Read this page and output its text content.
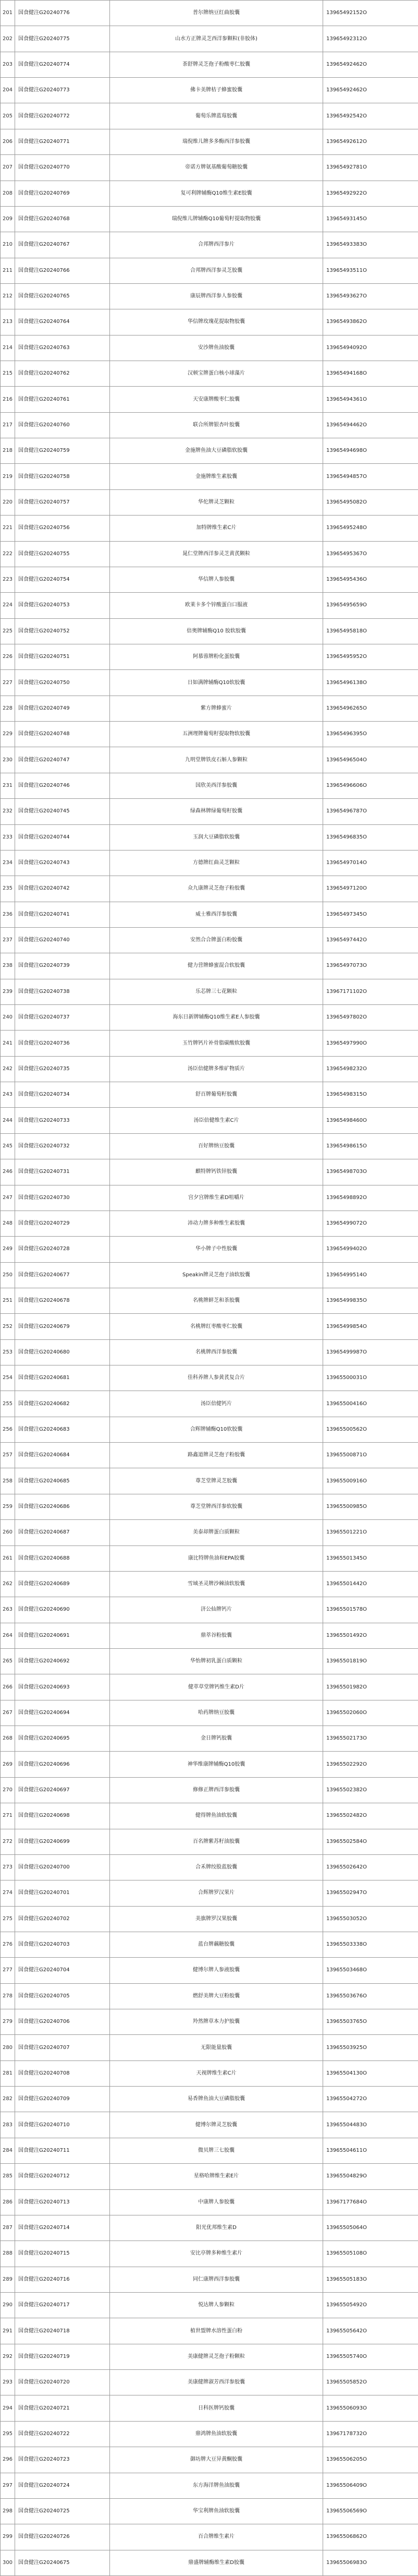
201	国食健注G20240776	普尔牌纳豆红曲胶囊	13965492152O
202	国食健注G20240775	山水方正牌灵芝西洋参颗粒(非胶体)	13965492312O
203	国食健注G20240774	茶舒牌灵芝孢子粉酸枣仁胶囊	13965492462O
204	国食健注G20240773	佛卡美牌桔子蜂蜜胶囊	13965492462O
205	国食健注G20240772	葡萄乐牌蓝莓胶囊	13965492542O
206	国食健注G20240771	瑞倪维儿牌多多酶西洋参胶囊	13965492612O
207	国食健注G20240770	帝诺方牌氨基酸葡萄糖胶囊	13965492781O
208	国食健注G20240769	复可利牌辅酶Q10维生素E胶囊	13965492922O
209	国食健注G20240768	瑞倪维儿牌辅酶Q10葡萄籽提取物胶囊	13965493145O
210	国食健注G20240767	合邦牌西洋参片	13965493383O
211	国食健注G20240766	合邦牌西洋参灵芝胶囊	13965493511O
212	国食健注G20240765	康辰牌西洋参人参胶囊	13965493627O
213	国食健注G20240764	华信牌玫瑰花提取物胶囊	13965493862O
214	国食健注G20240763	安沙牌鱼油胶囊	13965494092O
215	国食健注G20240762	汉顿宝牌蛋白核小球藻片	13965494168O
216	国食健注G20240761	天安康牌酸枣仁胶囊	13965494361O
217	国食健注G20240760	联合所牌银杏叶胶囊	13965494462O
218	国食健注G20240759	金施牌鱼油大豆磷脂软胶囊	13965494698O
219	国食健注G20240758	金施牌维生素胶囊	13965494857O
220	国食健注G20240757	华佗牌灵芝颗粒	13965495082O
221	国食健注G20240756	加特牌维生素C片	13965495248O
222	国食健注G20240755	晁仁堂牌西洋参灵芝黄芪颗粒	13965495367O
223	国食健注G20240754	华信牌人参胶囊	13965495436O
224	国食健注G20240753	欧莱卡多个锌酸蛋白口服液	13965495659O
225	国食健注G20240752	倍奥牌辅酶Q10 胶软胶囊	13965495818O
226	国食健注G20240751	阿慕蓉牌粉化蛋胶囊	13965495952O
227	国食健注G20240750	日如满牌辅酶Q10软胶囊	13965496138O
228	国食健注G20240749	紫方牌蜂蜜片	13965496265O
229	国食健注G20240748	五洲理牌葡萄籽提取物软胶囊	13965496395O
230	国食健注G20240747	九明堂牌铁皮石斛人参颗粒	13965496504O
231	国食健注G20240746	国欣美西洋参胶囊	13965496606O
232	国食健注G20240745	绿森林牌绿葡萄籽胶囊	13965496787O
233	国食健注G20240744	玉润大豆磷脂软胶囊	13965496835O
234	国食健注G20240743	方德牌红曲灵芝颗粒	13965497014O
235	国食健注G20240742	众九康牌灵芝孢子粉胶囊	13965497120O
236	国食健注G20240741	威士雅西洋参胶囊	13965497345O
237	国食健注G20240740	安然合合牌蛋白粉胶囊	13965497442O
238	国食健注G20240739	健力营牌蜂蜜混合软胶囊	13965497073O
239	国食健注G20240738	乐芯牌三七花颗粒	13967171102O
240	国食健注G20240737	海东日新牌辅酶Q10维生素E人参胶囊	13965497802O
241	国食健注G20240736	玉竹牌钙片补骨脂碳酸软胶囊	13965497990O
242	国食健注G20240735	汤臣倍健牌多维矿物质片	13965498232O
243	国食健注G20240734	舒百牌葡萄籽胶囊	13965498315O
244	国食健注G20240733	汤臣倍健维生素C片	13965498460O
245	国食健注G20240732	百好牌纳豆胶囊	13965498615O
246	国食健注G20240731	麒特牌钙铁锌胶囊	13965498703O
247	国食健注G20240730	宫夕宫牌维生素D咀嚼片	13965498892O
248	国食健注G20240729	沛动力牌多种维生素胶囊	13965499072O
249	国食健注G20240728	华小牌子中性胶囊	13965499402O
250	国食健注G20240677	Speakin牌灵芝孢子油软胶囊	13965499514O
251	国食健注G20240678	名桃牌鲜芝和茶胶囊	13965499835O
252	国食健注G20240679	名桃牌红枣酸枣仁胶囊	13965499854O
253	国食健注G20240680	名桃牌西洋参胶囊	13965499987O
254	国食健注G20240681	佳科养牌人参黄芪复合片	13965500031O
255	国食健注G20240682	汤臣倍健钙片	13965500416O
256	国食健注G20240683	合辉牌辅酶Q10软胶囊	13965500562O
257	国食健注G20240684	路鑫道牌灵芝孢子粉胶囊	13965500871O
258	国食健注G20240685	尊芝堂牌灵芝胶囊	13965500916O
259	国食健注G20240686	尊芝堂牌西洋参软胶囊	13965500985O
260	国食健注G20240687	美泰却牌蛋白质颗粒	13965501221O
261	国食健注G20240688	康比特牌鱼油和EPA胶囊	13965501345O
262	国食健注G20240689	雪域圣灵牌沙棘油软胶囊	13965501442O
263	国食健注G20240690	济公仙牌钙片	13965501578O
264	国食健注G20240691	鼎萃谷粉胶囊	13965501492O
265	国食健注G20240692	华怡牌初乳蛋白质颗粒	13965501819O
266	国食健注G20240693	健萃草堂牌钙维生素D片	13965501982O
267	国食健注G20240694	哈药牌纳豆胶囊	13965502060O
268	国食健注G20240695	金日牌钙胶囊	13965502173O
269	国食健注G20240696	神华维康牌辅酶Q10胶囊	13965502292O
270	国食健注G20240697	修修正牌西洋参胶囊	13965502382O
271	国食健注G20240698	健得牌鱼油软胶囊	13965502482O
272	国食健注G20240699	百名牌紫苏籽油胶囊	13965502584O
273	国食健注G20240700	合禾牌绞股蓝胶囊	13965502642O
274	国食健注G20240701	合辉牌罗汉果片	13965502947O
275	国食健注G20240702	美旗牌罗汉果胶囊	13965503052O
276	国食健注G20240703	蓝台牌藕糖胶囊	13965503338O
277	国食健注G20240704	健博尔牌人参液胶囊	13965503468O
278	国食健注G20240705	燃舒美牌大豆粉胶囊	13965503676O
279	国食健注G20240706	羚然牌草本力护胶囊	13965503765O
280	国食健注G20240707	无限能量胶囊	13965503925O
281	国食健注G20240708	天视牌维生素C片	13965504130O
282	国食健注G20240709	易香牌鱼油大豆磷脂胶囊	13965504272O
283	国食健注G20240710	健博尔牌灵芝胶囊	13965504483O
284	国食健注G20240711	微贝牌三七胶囊	13965504611O
285	国食健注G20240712	星格哈牌维生素E片	13965504829O
286	国食健注G20240713	中康牌人参胶囊	13967177684O
287	国食健注G20240714	阳光优邦维生素D	13965505064O
288	国食健注G20240715	安比亭牌多种维生素片	13965505108O
289	国食健注G20240716	同仁康牌西洋参胶囊	13965505183O
290	国食健注G20240717	悦达牌人参颗粒	13965505492O
291	国食健注G20240718	植世盟牌水溶性蛋白粉	13965505642O
292	国食健注G20240719	美康健牌灵芝孢子粉颗粒	13965505740O
293	国食健注G20240720	美康健牌淑芳西洋参胶囊	13965505852O
294	国食健注G20240721	日科医牌钙胶囊	13965506093O
295	国食健注G20240722	鼎鸿牌鱼油软胶囊	13967178732O
296	国食健注G20240723	御坊牌大豆异黄酮胶囊	13965506205O
297	国食健注G20240724	东方海洋牌鱼油胶囊	13965506409O
298	国食健注G20240725	华宝利牌鱼油软胶囊	13965506569O
299	国食健注G20240726	百合牌维生素片	13965506862O
300	国食健注G20240675	鼎盛牌辅酶维生素D胶囊	13965506983O
